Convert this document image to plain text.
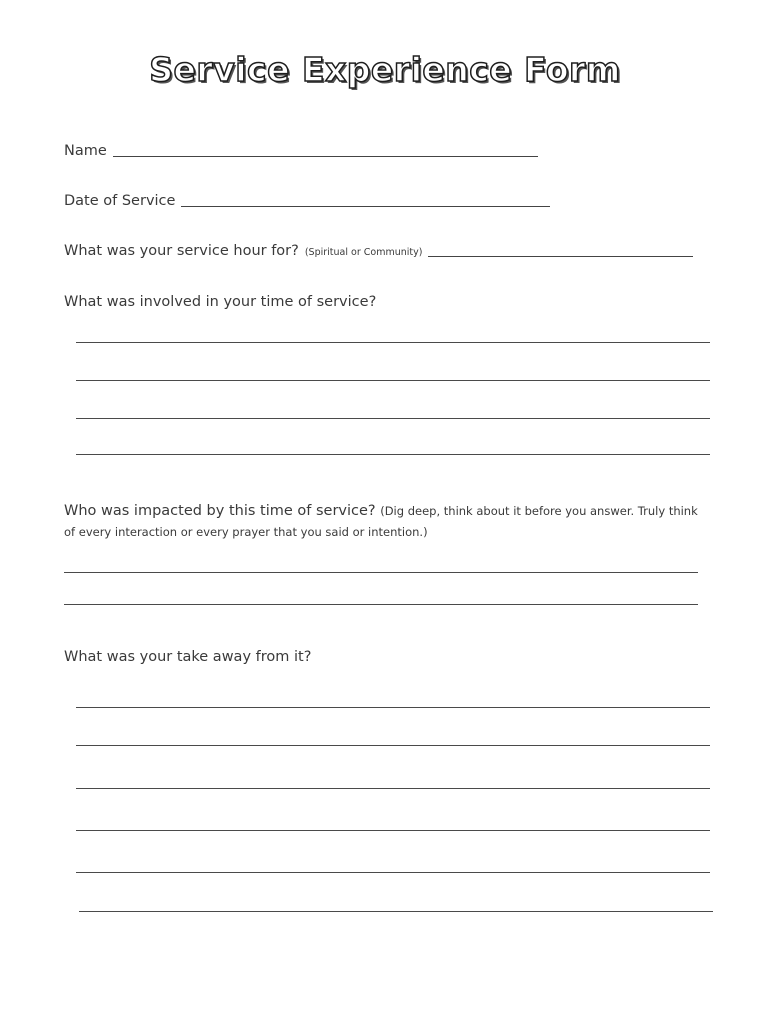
Service Experience Form
Name
Date of Service
What was your service hour for? (Spiritual or Community)
What was involved in your time of service?
Who was impacted by this time of service? (Dig deep, think about it before you answer. Truly think of every interaction or every prayer that you said or intention.)
What was your take away from it?
